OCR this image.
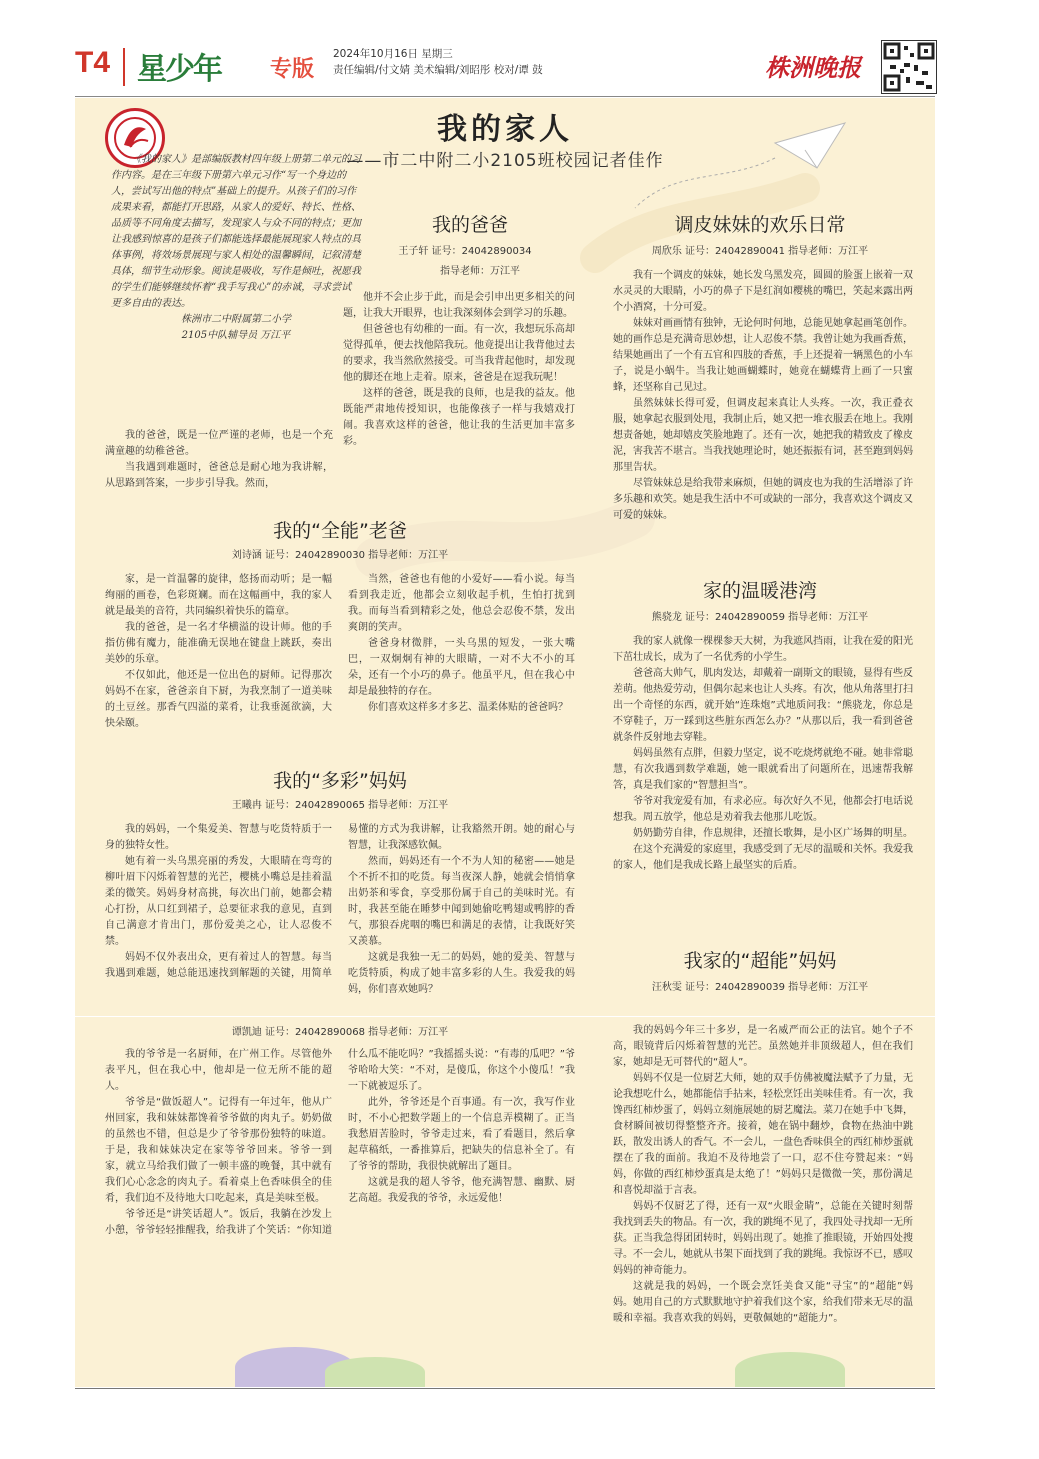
T4 星少年 专版
2024年10月16日 星期三
责任编辑/付文婧 美术编辑/刘昭彤 校对/谭 鼓	株洲晚报
我的家人
——市二中附二小2105班校园记者佳作

《我的家人》是部编版教材四年级上册第二单元的习作内容。是在三年级下册第六单元习作“写一个身边的人，尝试写出他的特点”基础上的提升。从孩子们的习作成果来看，都能打开思路，从家人的爱好、特长、性格、品质等不同角度去描写，发现家人与众不同的特点；更加让我感到惊喜的是孩子们都能选择最能展现家人特点的具体事例，将效场景展现与家人相处的温馨瞬间，记叙清楚具体，细节生动形象。阅读是吸收，写作是倾吐，祝愿我的学生们能够继续怀着“我手写我心”的赤诚，寻求尝试更多自由的表达。

株洲市二中附属第二小学

2105中队辅导员 万江平

我的爸爸
王子轩 证号：24042890034
指导老师：万江平

他并不会止步于此，而是会引申出更多相关的问题，让我大开眼界，也让我深刻体会到学习的乐趣。

但爸爸也有幼稚的一面。有一次，我想玩乐高却觉得孤单，便去找他陪我玩。他竟提出让我背他过去的要求，我当然欣然接受。可当我背起他时，却发现他的脚还在地上走着。原来，爸爸是在逗我玩呢！

这样的爸爸，既是我的良师，也是我的益友。他既能严肃地传授知识，也能像孩子一样与我嬉戏打闹。我喜欢这样的爸爸，他让我的生活更加丰富多彩。

我的爸爸，既是一位严谨的老师，也是一个充满童趣的幼稚爸爸。

当我遇到难题时，爸爸总是耐心地为我讲解，从思路到答案，一步步引导我。然而，

我的“全能”老爸
刘诗涵 证号：24042890030 指导老师：万江平

家，是一首温馨的旋律，悠扬而动听；是一幅绚丽的画卷，色彩斑斓。而在这幅画中，我的家人就是最美的音符，共同编织着快乐的篇章。

我的爸爸，是一名才华横溢的设计师。他的手指仿佛有魔力，能准确无误地在键盘上跳跃，奏出美妙的乐章。

不仅如此，他还是一位出色的厨师。记得那次妈妈不在家，爸爸亲自下厨，为我烹制了一道美味的土豆丝。那香气四溢的菜肴，让我垂涎欲滴，大快朵颐。

当然，爸爸也有他的小爱好——看小说。每当看到我走近，他都会立刻收起手机，生怕打扰到我。而每当看到精彩之处，他总会忍俊不禁，发出爽朗的笑声。

爸爸身材微胖，一头乌黑的短发，一张大嘴巴，一双炯炯有神的大眼睛，一对不大不小的耳朵，还有一个小巧的鼻子。他虽平凡，但在我心中却是最独特的存在。

你们喜欢这样多才多艺、温柔体贴的爸爸吗？

我的“多彩”妈妈
王曦冉 证号：24042890065 指导老师：万江平

我的妈妈，一个集爱美、智慧与吃货特质于一身的独特女性。

她有着一头乌黑亮丽的秀发，大眼睛在弯弯的柳叶眉下闪烁着智慧的光芒，樱桃小嘴总是挂着温柔的微笑。妈妈身材高挑，每次出门前，她都会精心打扮，从口红到裙子，总要征求我的意见，直到自己满意才肯出门，那份爱美之心，让人忍俊不禁。

妈妈不仅外表出众，更有着过人的智慧。每当我遇到难题，她总能迅速找到解题的关键，用简单易懂的方式为我讲解，让我豁然开朗。她的耐心与智慧，让我深感钦佩。

然而，妈妈还有一个不为人知的秘密——她是个不折不扣的吃货。每当夜深人静，她就会悄悄拿出奶茶和零食，享受那份属于自己的美味时光。有时，我甚至能在睡梦中闻到她偷吃鸭翅或鸭脖的香气，那狼吞虎咽的嘴巴和满足的表情，让我既好笑又羡慕。

这就是我独一无二的妈妈，她的爱美、智慧与吃货特质，构成了她丰富多彩的人生。我爱我的妈妈，你们喜欢她吗？

调皮妹妹的欢乐日常
周欣乐 证号：24042890041 指导老师：万江平

我有一个调皮的妹妹，她长发乌黑发亮，圆圆的脸蛋上嵌着一双水灵灵的大眼睛，小巧的鼻子下是红润如樱桃的嘴巴，笑起来露出两个小酒窝，十分可爱。

妹妹对画画情有独钟，无论何时何地，总能见她拿起画笔创作。她的画作总是充满奇思妙想，让人忍俊不禁。我曾让她为我画香蕉，结果她画出了一个有五官和四肢的香蕉，手上还提着一辆黑色的小车子，说是小蜗牛。当我让她画蝴蝶时，她竟在蝴蝶背上画了一只蜜蜂，还坚称自己见过。

虽然妹妹长得可爱，但调皮起来真让人头疼。一次，我正叠衣服，她拿起衣服到处甩，我制止后，她又把一堆衣服丢在地上。我刚想责备她，她却嬉皮笑脸地跑了。还有一次，她把我的精致皮了橡皮泥，害我苦不堪言。当我找她理论时，她还振振有词，甚至跑到妈妈那里告状。

尽管妹妹总是给我带来麻烦，但她的调皮也为我的生活增添了许多乐趣和欢笑。她是我生活中不可或缺的一部分，我喜欢这个调皮又可爱的妹妹。

家的温暖港湾
熊骁龙 证号：24042890059 指导老师：万江平

我的家人就像一棵棵参天大树，为我遮风挡雨，让我在爱的阳光下茁壮成长，成为了一名优秀的小学生。

爸爸高大帅气，肌肉发达，却戴着一副斯文的眼镜，显得有些反差萌。他热爱劳动，但偶尔起来也让人头疼。有次，他从角落里打扫出一个奇怪的东西，就开始“连珠炮”式地质问我：“熊骁龙，你总是不穿鞋子，万一踩到这些脏东西怎么办？”从那以后，我一看到爸爸就条件反射地去穿鞋。

妈妈虽然有点胖，但毅力坚定，说不吃烧烤就绝不碰。她非常聪慧，有次我遇到数学难题，她一眼就看出了问题所在，迅速帮我解答，真是我们家的“智慧担当”。

爷爷对我宠爱有加，有求必应。每次好久不见，他都会打电话说想我。周五放学，他总是劝着我去他那儿吃饭。

奶奶勤劳自律，作息规律，还擅长歌舞，是小区广场舞的明星。

在这个充满爱的家庭里，我感受到了无尽的温暖和关怀。我爱我的家人，他们是我成长路上最坚实的后盾。

我家的“超能”妈妈
汪秋雯 证号：24042890039 指导老师：万江平
谭凯迪 证号：24042890068 指导老师：万江平

我的爷爷是一名厨师，在广州工作。尽管他外表平凡，但在我心中，他却是一位无所不能的超人。

爷爷是“做饭超人”。记得有一年过年，他从广州回家，我和妹妹都馋着爷爷做的肉丸子。奶奶做的虽然也不错，但总是少了爷爷那份独特的味道。于是，我和妹妹决定在家等爷爷回来。爷爷一到家，就立马给我们做了一顿丰盛的晚餐，其中就有我们心心念念的肉丸子。看着桌上色香味俱全的佳肴，我们迫不及待地大口吃起来，真是美味至极。

爷爷还是“讲笑话超人”。饭后，我躺在沙发上小憩，爷爷轻轻推醒我，给我讲了个笑话：“你知道什么瓜不能吃吗？”我摇摇头说：“有毒的瓜吧？”爷爷哈哈大笑：“不对，是傻瓜，你这个小傻瓜！”我一下就被逗乐了。

此外，爷爷还是个百事通。有一次，我写作业时，不小心把数学题上的一个信息弄模糊了。正当我愁眉苦脸时，爷爷走过来，看了看题目，然后拿起草稿纸，一番推算后，把缺失的信息补全了。有了爷爷的帮助，我很快就解出了题目。

这就是我的超人爷爷，他充满智慧、幽默、厨艺高超。我爱我的爷爷，永远爱他！

我的妈妈今年三十多岁，是一名威严而公正的法官。她个子不高，眼镜背后闪烁着智慧的光芒。虽然她并非顶级超人，但在我们家，她却是无可替代的“超人”。

妈妈不仅是一位厨艺大师，她的双手仿佛被魔法赋予了力量，无论我想吃什么，她都能信手拈来，轻松烹饪出美味佳肴。有一次，我馋西红柿炒蛋了，妈妈立刻施展她的厨艺魔法。菜刀在她手中飞舞，食材瞬间被切得整整齐齐。接着，她在锅中翻炒，食物在热油中跳跃，散发出诱人的香气。不一会儿，一盘色香味俱全的西红柿炒蛋就摆在了我的面前。我迫不及待地尝了一口，忍不住夸赞起来：“妈妈，你做的西红柿炒蛋真是太绝了！”妈妈只是微微一笑，那份满足和喜悦却溢于言表。

妈妈不仅厨艺了得，还有一双“火眼金睛”，总能在关键时刻帮我找到丢失的物品。有一次，我的跳绳不见了，我四处寻找却一无所获。正当我急得团团转时，妈妈出现了。她推了推眼镜，开始四处搜寻。不一会儿，她就从书架下面找到了我的跳绳。我惊讶不已，感叹妈妈的神奇能力。

这就是我的妈妈，一个既会烹饪美食又能“寻宝”的“超能”妈妈。她用自己的方式默默地守护着我们这个家，给我们带来无尽的温暖和幸福。我喜欢我的妈妈，更敬佩她的“超能力”。
